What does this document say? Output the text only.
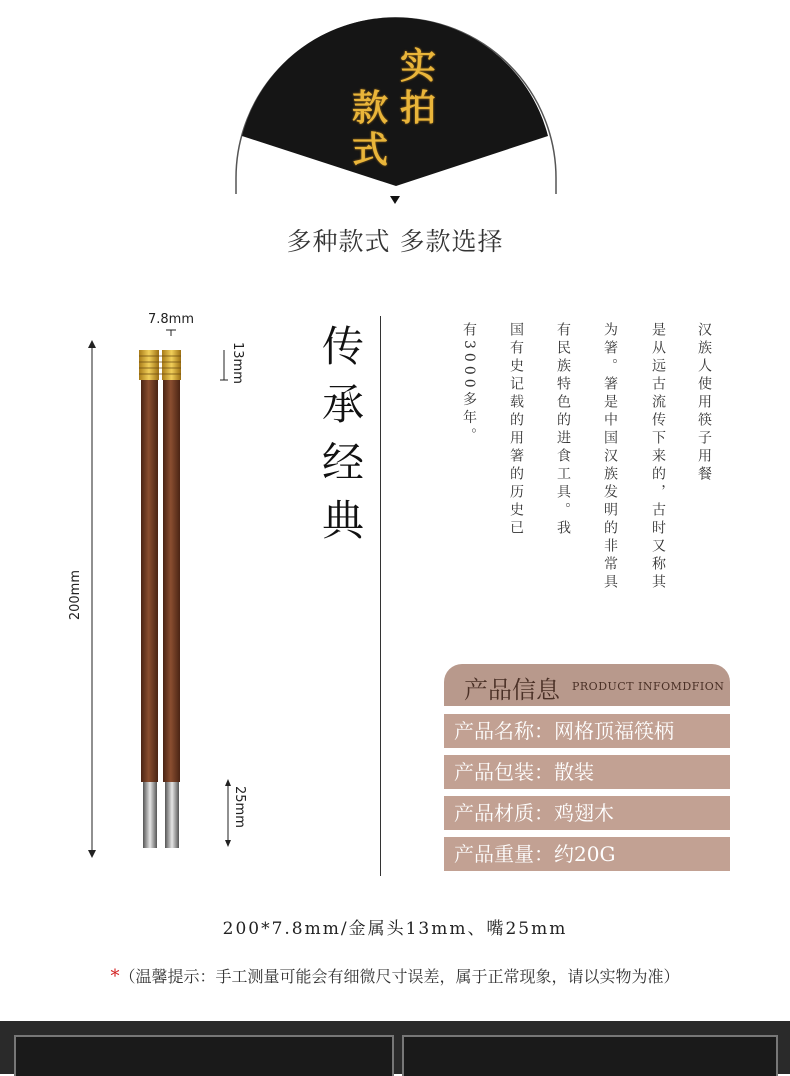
实
拍
款
式
多种款式 多款选择
7.8mm
13mm
200mm
25mm
传
承
经
典
汉族人使用筷子用餐
是从远古流传下来的，古时又称其
为箸。箸是中国汉族发明的非常具
有民族特色的进食工具。我
国有史记载的用箸的历史已
有3000多年。
产品信息 PRODUCT INFOMDFION
产品名称：网格顶福筷柄
产品包装：散装
产品材质：鸡翅木
产品重量：约20G
200*7.8mm/金属头13mm、嘴25mm
*（温馨提示：手工测量可能会有细微尺寸误差，属于正常现象，请以实物为准）
